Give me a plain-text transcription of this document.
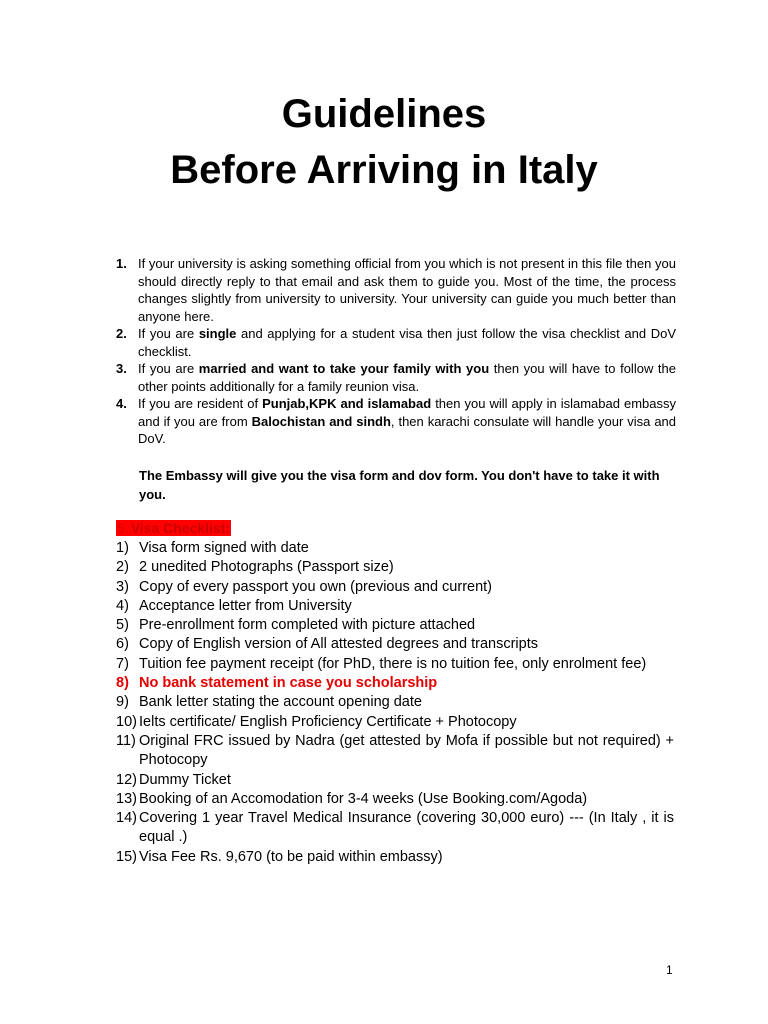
Guidelines
Before Arriving in Italy
1. If your university is asking something official from you which is not present in this file then you should directly reply to that email and ask them to guide you. Most of the time, the process changes slightly from university to university. Your university can guide you much better than anyone here.
2. If you are single and applying for a student visa then just follow the visa checklist and DoV checklist.
3. If you are married and want to take your family with you then you will have to follow the other points additionally for a family reunion visa.
4. If you are resident of Punjab,KPK and islamabad then you will apply in islamabad embassy and if you are from Balochistan and sindh, then karachi consulate will handle your visa and DoV.
The Embassy will give you the visa form and dov form. You don't have to take it with you.
5. Visa Checklist:
1) Visa form signed with date
2) 2 unedited Photographs (Passport size)
3) Copy of every passport you own (previous and current)
4) Acceptance letter from University
5) Pre-enrollment form completed with picture attached
6) Copy of English version of All attested degrees and transcripts
7) Tuition fee payment receipt (for PhD, there is no tuition fee, only enrolment fee)
8) No bank statement in case you scholarship
9) Bank letter stating the account opening date
10) Ielts certificate/ English Proficiency Certificate + Photocopy
11) Original FRC issued by Nadra (get attested by Mofa if possible but not required) + Photocopy
12) Dummy Ticket
13) Booking of an Accomodation for 3-4 weeks (Use Booking.com/Agoda)
14) Covering 1 year Travel Medical Insurance (covering 30,000 euro) --- (In Italy , it is equal .)
15) Visa Fee Rs. 9,670 (to be paid within embassy)
1
